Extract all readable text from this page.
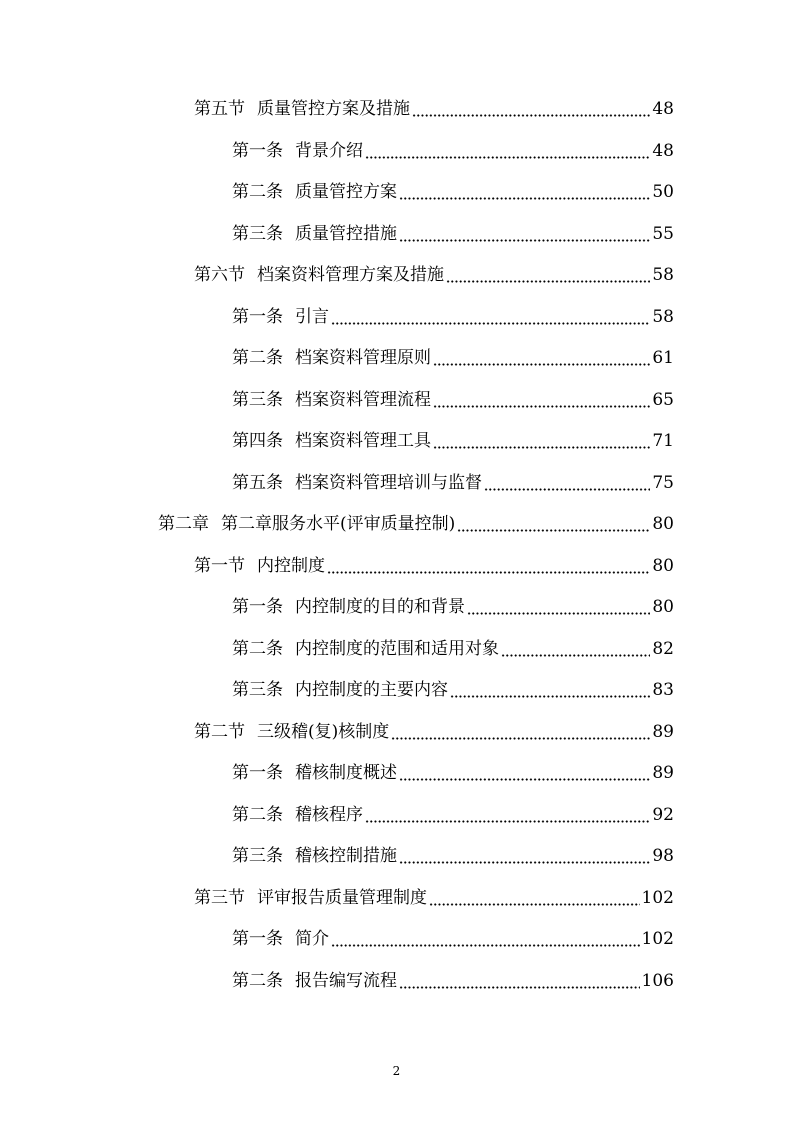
第五节 质量管控方案及措施	48
第一条 背景介绍	48
第二条 质量管控方案	50
第三条 质量管控措施	55
第六节 档案资料管理方案及措施	58
第一条 引言	58
第二条 档案资料管理原则	61
第三条 档案资料管理流程	65
第四条 档案资料管理工具	71
第五条 档案资料管理培训与监督	75
第二章 第二章服务水平(评审质量控制)	80
第一节 内控制度	80
第一条 内控制度的目的和背景	80
第二条 内控制度的范围和适用对象	82
第三条 内控制度的主要内容	83
第二节 三级稽(复)核制度	89
第一条 稽核制度概述	89
第二条 稽核程序	92
第三条 稽核控制措施	98
第三节 评审报告质量管理制度	102
第一条 简介	102
第二条 报告编写流程	106
2
